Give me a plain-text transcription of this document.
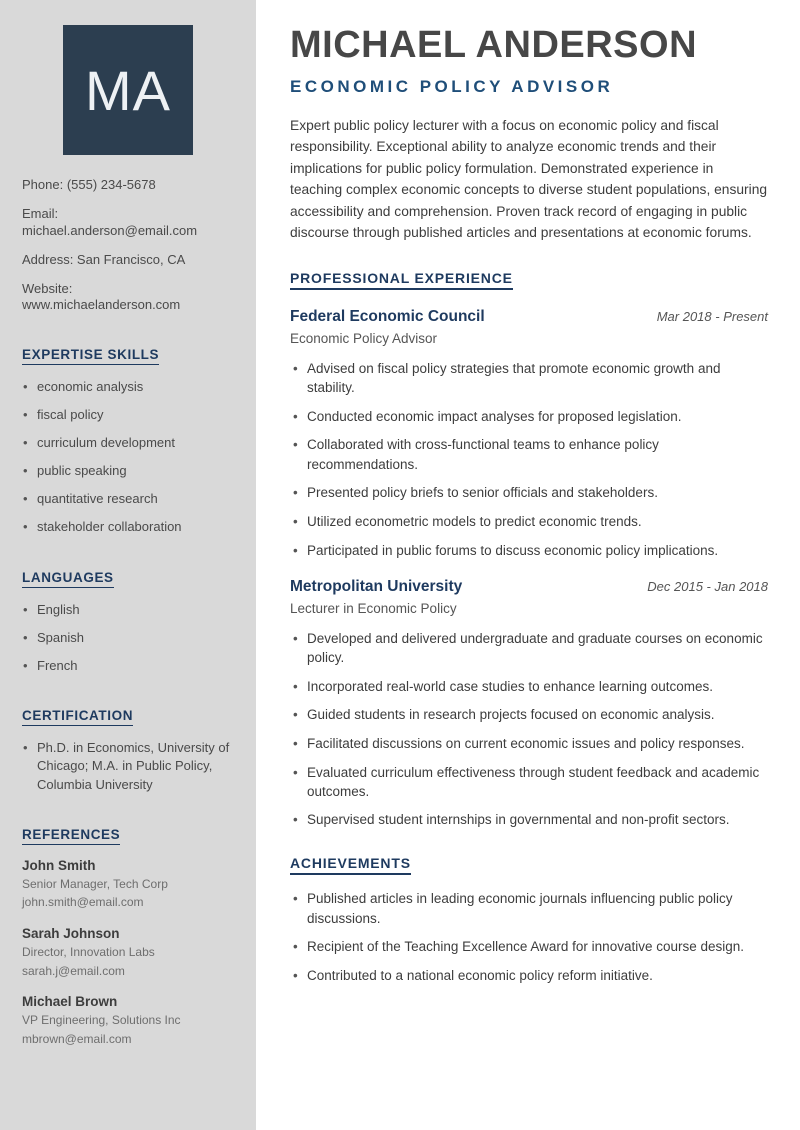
MA

Phone: (555) 234-5678

Email: michael.anderson@email.com

Address: San Francisco, CA

Website: www.michaelanderson.com

EXPERTISE SKILLS
• economic analysis
• fiscal policy
• curriculum development
• public speaking
• quantitative research
• stakeholder collaboration
LANGUAGES
• English
• Spanish
• French
CERTIFICATION
• Ph.D. in Economics, University of Chicago; M.A. in Public Policy, Columbia University
REFERENCES

John Smith

Senior Manager, Tech Corp

john.smith@email.com

Sarah Johnson

Director, Innovation Labs

sarah.j@email.com

Michael Brown

VP Engineering, Solutions Inc

mbrown@email.com

MICHAEL ANDERSON
ECONOMIC POLICY ADVISOR

Expert public policy lecturer with a focus on economic policy and fiscal responsibility. Exceptional ability to analyze economic trends and their implications for public policy formulation. Demonstrated experience in teaching complex economic concepts to diverse student populations, ensuring accessibility and comprehension. Proven track record of engaging in public discourse through published articles and presentations at economic forums.

PROFESSIONAL EXPERIENCE
Federal Economic Council	Mar 2018 - Present
Economic Policy Advisor
• Advised on fiscal policy strategies that promote economic growth and stability.
• Conducted economic impact analyses for proposed legislation.
• Collaborated with cross-functional teams to enhance policy recommendations.
• Presented policy briefs to senior officials and stakeholders.
• Utilized econometric models to predict economic trends.
• Participated in public forums to discuss economic policy implications.
Metropolitan University	Dec 2015 - Jan 2018
Lecturer in Economic Policy
• Developed and delivered undergraduate and graduate courses on economic policy.
• Incorporated real-world case studies to enhance learning outcomes.
• Guided students in research projects focused on economic analysis.
• Facilitated discussions on current economic issues and policy responses.
• Evaluated curriculum effectiveness through student feedback and academic outcomes.
• Supervised student internships in governmental and non-profit sectors.
ACHIEVEMENTS
• Published articles in leading economic journals influencing public policy discussions.
• Recipient of the Teaching Excellence Award for innovative course design.
• Contributed to a national economic policy reform initiative.
